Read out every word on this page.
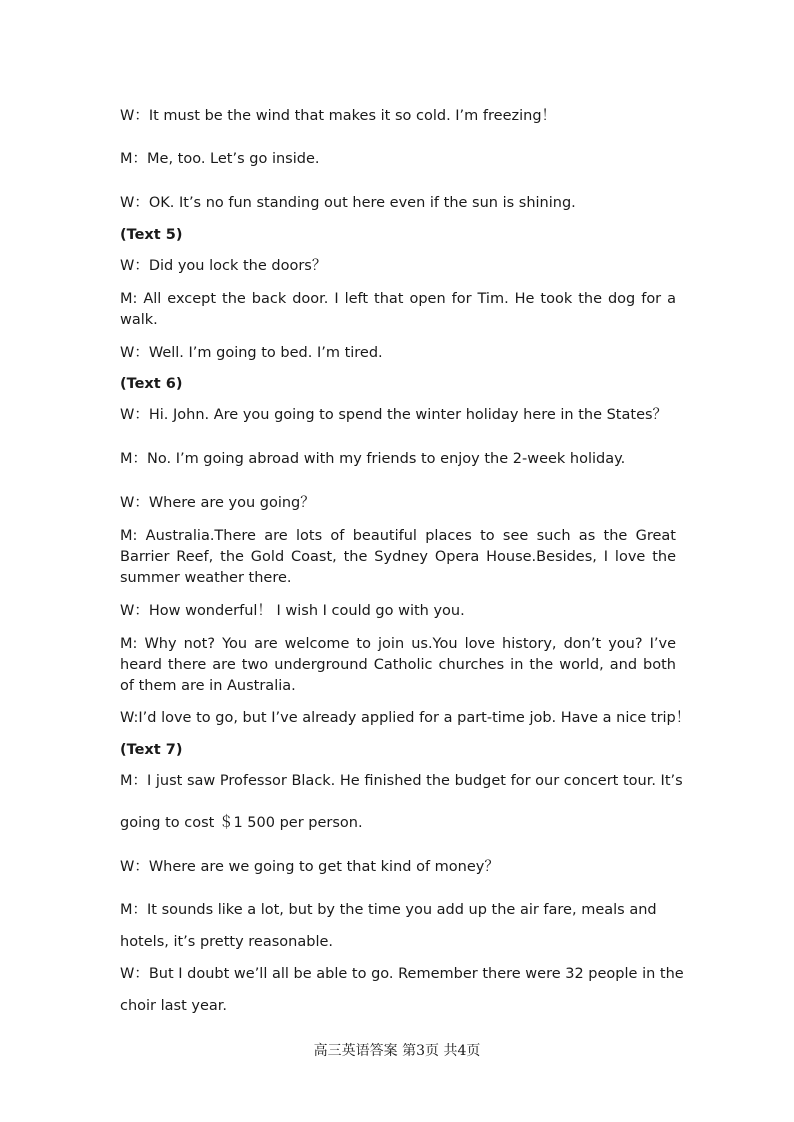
W：It must be the wind that makes it so cold. I’m freezing！
M：Me, too. Let’s go inside.
W：OK. It’s no fun standing out here even if the sun is shining.
(Text 5)
W：Did you lock the doors？
M: All except the back door. I left that open for Tim. He took the dog for a walk.
W：Well. I’m going to bed. I’m tired.
(Text 6)
W：Hi. John. Are you going to spend the winter holiday here in the States？
M：No. I’m going abroad with my friends to enjoy the 2-week holiday.
W：Where are you going？
M: Australia.There are lots of beautiful places to see such as the Great Barrier Reef, the Gold Coast, the Sydney Opera House.Besides, I love the summer weather there.
W：How wonderful！ I wish I could go with you.
M: Why not? You are welcome to join us.You love history, don’t you? I’ve heard there are two underground Catholic churches in the world, and both of them are in Australia.
W:I’d love to go, but I’ve already applied for a part-time job. Have a nice trip！
(Text 7)
M：I just saw Professor Black. He finished the budget for our concert tour. It’s
going to cost ＄1 500 per person.
W：Where are we going to get that kind of money？
M：It sounds like a lot, but by the time you add up the air fare, meals and
hotels, it’s pretty reasonable.
W：But I doubt we’ll all be able to go. Remember there were 32 people in the
choir last year.
高三英语答案 第3页 共4页
